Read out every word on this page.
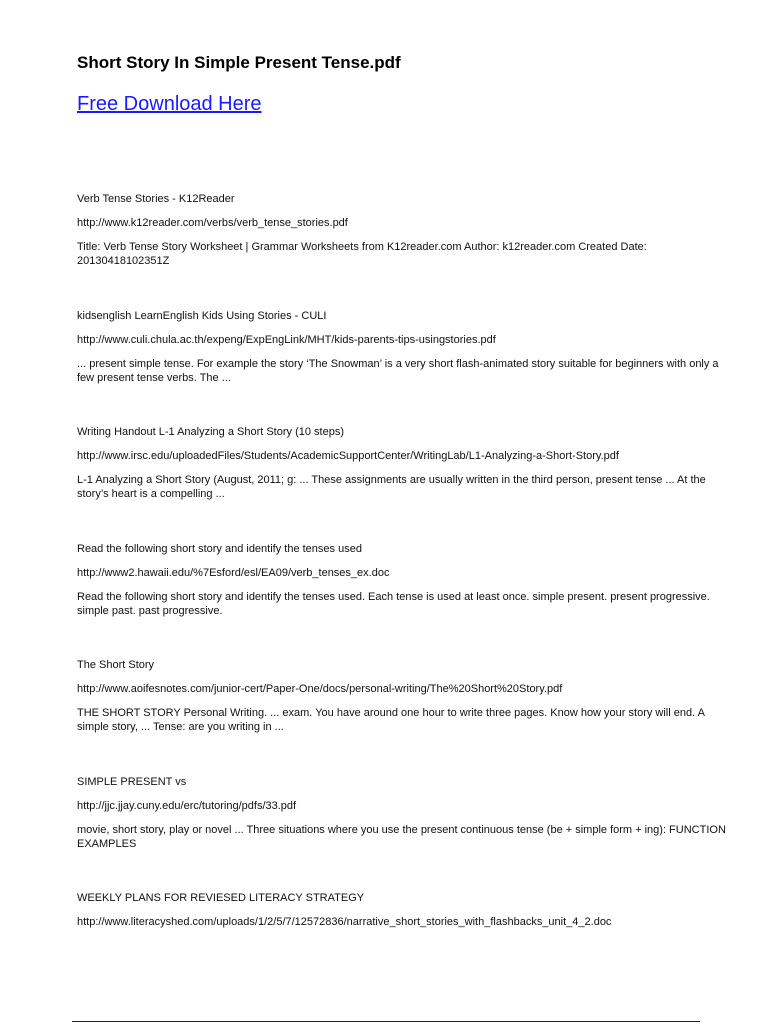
Short Story In Simple Present Tense.pdf
Free Download Here
Verb Tense Stories - K12Reader
http://www.k12reader.com/verbs/verb_tense_stories.pdf
Title: Verb Tense Story Worksheet | Grammar Worksheets from K12reader.com Author: k12reader.com Created Date: 20130418102351Z
kidsenglish LearnEnglish Kids Using Stories - CULI
http://www.culi.chula.ac.th/expeng/ExpEngLink/MHT/kids-parents-tips-usingstories.pdf
... present simple tense. For example the story ‘The Snowman’ is a very short flash-animated story suitable for beginners with only a few present tense verbs. The ...
Writing Handout L-1 Analyzing a Short Story (10 steps)
http://www.irsc.edu/uploadedFiles/Students/AcademicSupportCenter/WritingLab/L1-Analyzing-a-Short-Story.pdf
L-1 Analyzing a Short Story (August, 2011; g: ... These assignments are usually written in the third person, present tense ... At the story’s heart is a compelling ...
Read the following short story and identify the tenses used
http://www2.hawaii.edu/%7Esford/esl/EA09/verb_tenses_ex.doc
Read the following short story and identify the tenses used. Each tense is used at least once. simple present. present progressive. simple past. past progressive.
The Short Story
http://www.aoifesnotes.com/junior-cert/Paper-One/docs/personal-writing/The%20Short%20Story.pdf
THE SHORT STORY Personal Writing. ... exam. You have around one hour to write three pages. Know how your story will end. A simple story, ... Tense: are you writing in ...
SIMPLE PRESENT vs
http://jjc.jjay.cuny.edu/erc/tutoring/pdfs/33.pdf
movie, short story, play or novel ... Three situations where you use the present continuous tense (be + simple form + ing): FUNCTION EXAMPLES
WEEKLY PLANS FOR REVIESED LITERACY STRATEGY
http://www.literacyshed.com/uploads/1/2/5/7/12572836/narrative_short_stories_with_flashbacks_unit_4_2.doc
